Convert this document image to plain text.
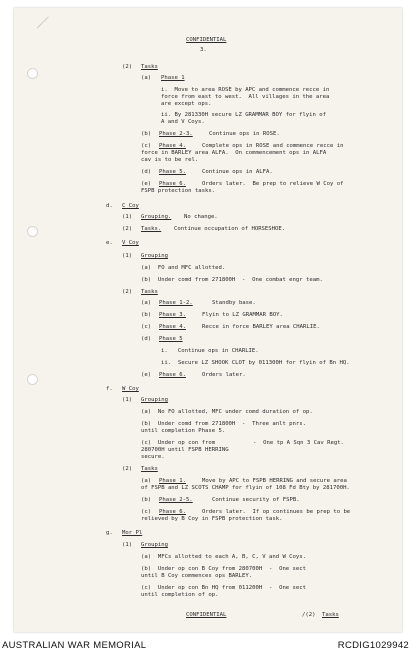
CONFIDENTIAL
3.
(2) Tasks
(a) Phase 1
i.  Move to area ROSE by APC and commence recce in
force from east to west.  All villages in the area
are except ops.
ii. By 281330H secure LZ GRAMMAR BOY for flyin of
A and V Coys.
(b) Phase 2-3.	Continue ops in ROSE.
(c) Phase 4.	Complete ops in ROSE and commence recce in
force in BARLEY area ALFA.  On commencement ops in ALFA
cav is to be rel.
(d) Phase 5.	Continue ops in ALFA.
(e) Phase 6.	Orders later.  Be prep to relieve W Coy of
FSPB protection tasks.
d. C Coy
(1) Grouping. No change.
(2) Tasks. Continue occupation of HORSESHOE.
e. V Coy
(1) Grouping
(a)  FO and MFC allotted.
(b)  Under comd from 271800H  -  One combat engr team.
(2) Tasks
(a) Phase 1-2.	Standby base.
(b) Phase 3.	Flyin to LZ GRAMMAR BOY.
(c) Phase 4.	Recce in force BARLEY area CHARLIE.
(d) Phase 5
i.   Continue ops in CHARLIE.
ii.  Secure LZ SHOOK CLOT by 011300H for flyin of Bn HQ.
(e) Phase 6.	Orders later.
f. W Coy
(1) Grouping
(a)  No FO allotted, MFC under comd duration of op.
(b)  Under comd from 271800H  -  Three anlt pnrs.
until completion Phase 5.
(c)  Under op con from	-  One tp A Sqn 3 Cav Regt.
280700H until FSPB HERRING
secure.
(2) Tasks
(a) Phase 1.	Move by APC to FSPB HERRING and secure area
of FSPB and LZ SCOTS CHAMP for flyin of 108 Fd Bty by 281700H.
(b) Phase 2-5.	Continue security of FSPB.
(c) Phase 6.	Orders later.  If op continues be prep to be
relieved by B Coy in FSPB protection task.
g. Mor Pl
(1) Grouping
(a)  MFCs allotted to each A, B, C, V and W Coys.
(b)  Under op con B Coy from 280700H  -  One sect
until B Coy commences ops BARLEY.
(c)  Under op con Bn HQ from 011200H  -  One sect
until completion of op.
CONFIDENTIAL	/(2) Tasks
AUSTRALIAN WAR MEMORIAL	RCDIG1029942
